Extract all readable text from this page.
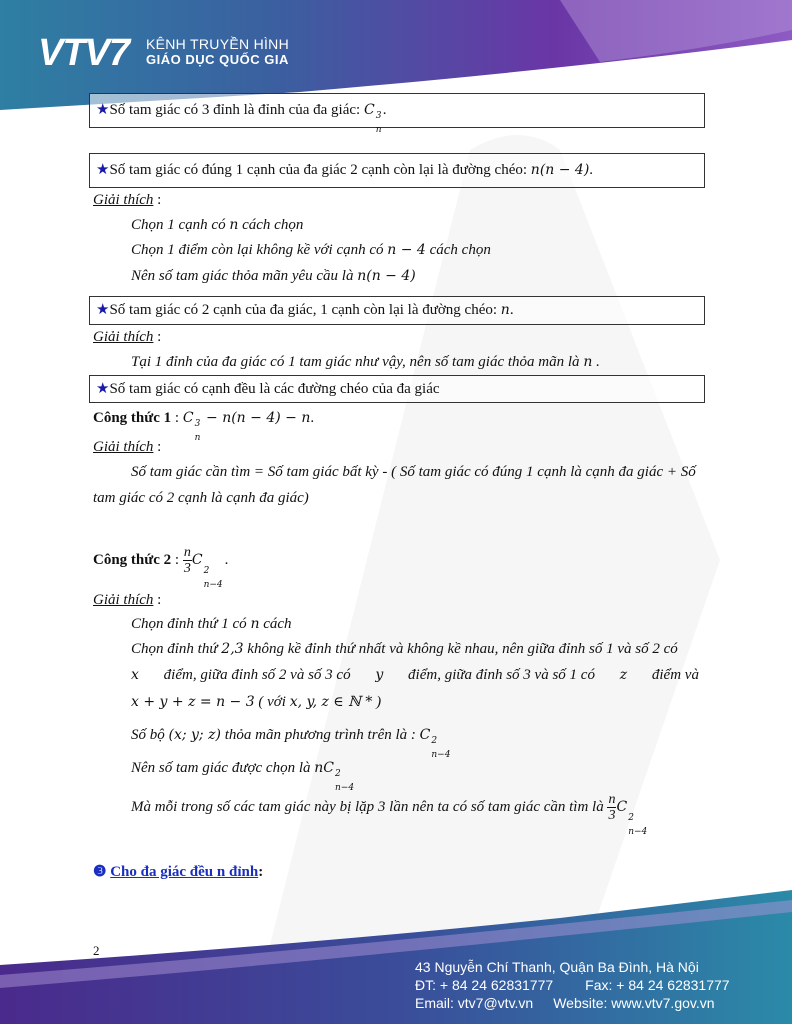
VTV7 KÊNH TRUYỀN HÌNH
GIÁO DỤC QUỐC GIA
★Số tam giác có 3 đỉnh là đỉnh của đa giác: C 3
n
.
★Số tam giác có đúng 1 cạnh của đa giác 2 cạnh còn lại là đường chéo: n(n − 4).
Giải thích :
Chọn 1 cạnh có n cách chọn
Chọn 1 điểm còn lại không kề với cạnh có n − 4 cách chọn
Nên số tam giác thỏa mãn yêu cầu là n(n − 4)
★Số tam giác có 2 cạnh của đa giác, 1 cạnh còn lại là đường chéo: n.
Giải thích :
Tại 1 đỉnh của đa giác có 1 tam giác như vậy, nên số tam giác thỏa mãn là n .
★Số tam giác có cạnh đều là các đường chéo của đa giác
Công thức 1 : C 3
n
− n(n − 4) − n.
Giải thích :
Số tam giác cần tìm = Số tam giác bất kỳ - ( Số tam giác có đúng 1 cạnh là cạnh đa giác + Số
tam giác có 2 cạnh là cạnh đa giác)
Công thức 2 : $\frac{n}{3}$ C
2
n−4
.
Giải thích :
Chọn đỉnh thứ 1 có n cách
Chọn đỉnh thứ 2,3 không kề đỉnh thứ nhất và không kề nhau, nên giữa đỉnh số 1 và số 2 có
x điểm, giữa đỉnh số 2 và số 3 có y điểm, giữa đỉnh số 3 và số 1 có z điểm và
x + y + z = n − 3 ( với x, y, z ∈ ℕ * )
Số bộ (x; y; z) thỏa mãn phương trình trên là : C 2
n−4
Nên số tam giác được chọn là nC 2
n−4
Mà mỗi trong số các tam giác này bị lặp 3 lần nên ta có số tam giác cần tìm là $\frac{n}{3}$ C
2
n−4
❸ Cho đa giác đều n đỉnh:
2
43 Nguyễn Chí Thanh, Quận Ba Đình, Hà Nội
ĐT: + 84 24 62831777 Fax: + 84 24 62831777
Email: vtv7@vtv.vn Website: www.vtv7.gov.vn
